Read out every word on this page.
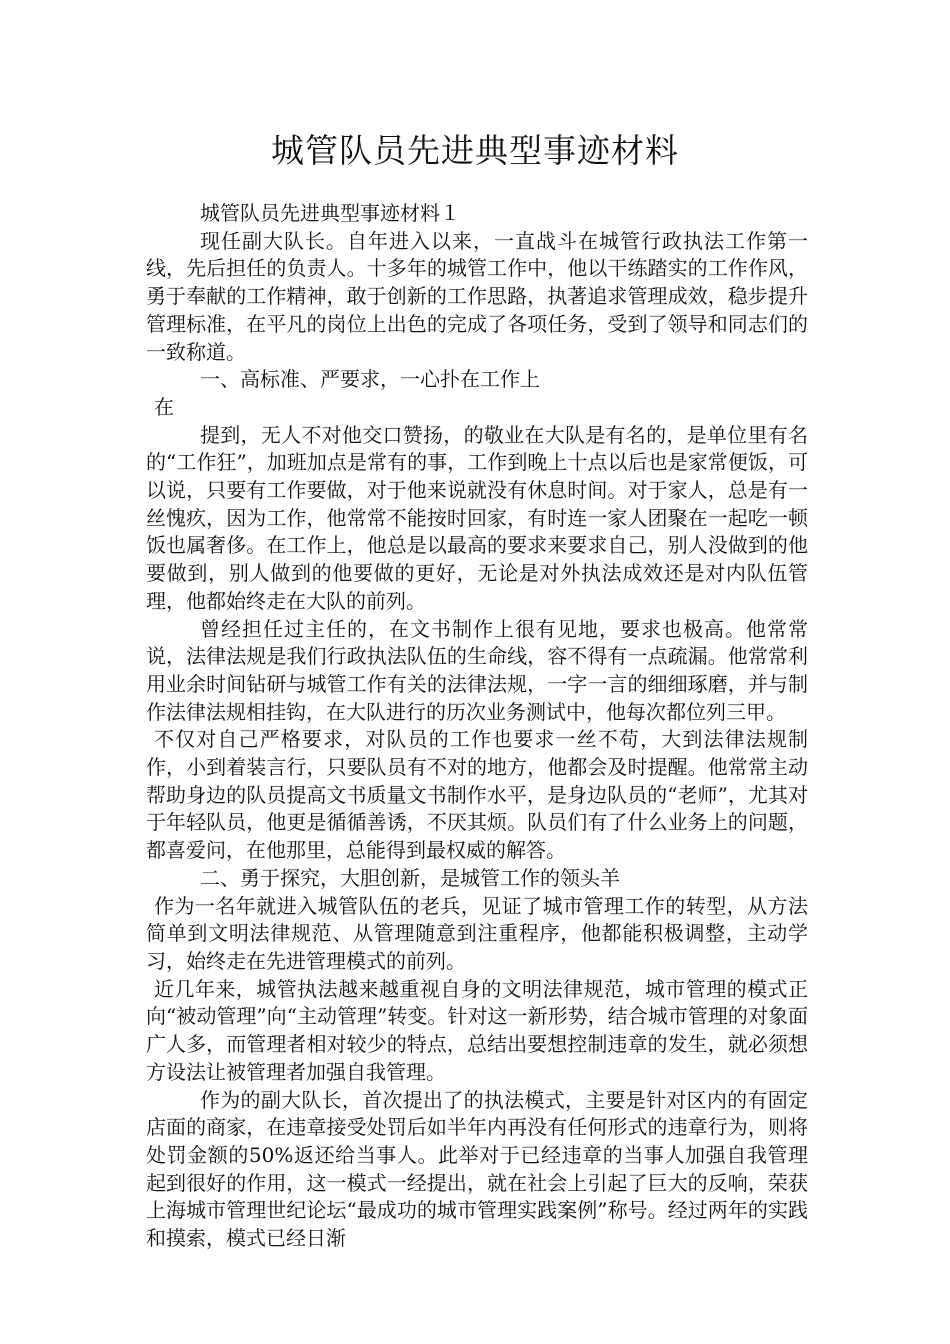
城管队员先进典型事迹材料

城管队员先进典型事迹材料１

现任副大队长。自年进入以来，一直战斗在城管行政执法工作第一线，先后担任的负责人。十多年的城管工作中，他以干练踏实的工作作风，勇于奉献的工作精神，敢于创新的工作思路，执著追求管理成效，稳步提升管理标准，在平凡的岗位上出色的完成了各项任务，受到了领导和同志们的一致称道。

一、高标准、严要求，一心扑在工作上

在

提到，无人不对他交口赞扬，的敬业在大队是有名的，是单位里有名的“工作狂”，加班加点是常有的事，工作到晚上十点以后也是家常便饭，可以说，只要有工作要做，对于他来说就没有休息时间。对于家人，总是有一丝愧疚，因为工作，他常常不能按时回家，有时连一家人团聚在一起吃一顿饭也属奢侈。在工作上，他总是以最高的要求来要求自己，别人没做到的他要做到，别人做到的他要做的更好，无论是对外执法成效还是对内队伍管理，他都始终走在大队的前列。

曾经担任过主任的，在文书制作上很有见地，要求也极高。他常常说，法律法规是我们行政执法队伍的生命线，容不得有一点疏漏。他常常利用业余时间钻研与城管工作有关的法律法规，一字一言的细细琢磨，并与制作法律法规相挂钩，在大队进行的历次业务测试中，他每次都位列三甲。

不仅对自己严格要求，对队员的工作也要求一丝不苟，大到法律法规制作，小到着装言行，只要队员有不对的地方，他都会及时提醒。他常常主动帮助身边的队员提高文书质量文书制作水平，是身边队员的“老师”，尤其对于年轻队员，他更是循循善诱，不厌其烦。队员们有了什么业务上的问题，都喜爱问，在他那里，总能得到最权威的解答。

二、勇于探究，大胆创新，是城管工作的领头羊

作为一名年就进入城管队伍的老兵，见证了城市管理工作的转型，从方法简单到文明法律规范、从管理随意到注重程序，他都能积极调整，主动学习，始终走在先进管理模式的前列。

近几年来，城管执法越来越重视自身的文明法律规范，城市管理的模式正向“被动管理”向“主动管理”转变。针对这一新形势，结合城市管理的对象面广人多，而管理者相对较少的特点，总结出要想控制违章的发生，就必须想方设法让被管理者加强自我管理。

作为的副大队长，首次提出了的执法模式，主要是针对区内的有固定店面的商家，在违章接受处罚后如半年内再没有任何形式的违章行为，则将处罚金额的50%返还给当事人。此举对于已经违章的当事人加强自我管理起到很好的作用，这一模式一经提出，就在社会上引起了巨大的反响，荣获上海城市管理世纪论坛“最成功的城市管理实践案例”称号。经过两年的实践和摸索，模式已经日渐
